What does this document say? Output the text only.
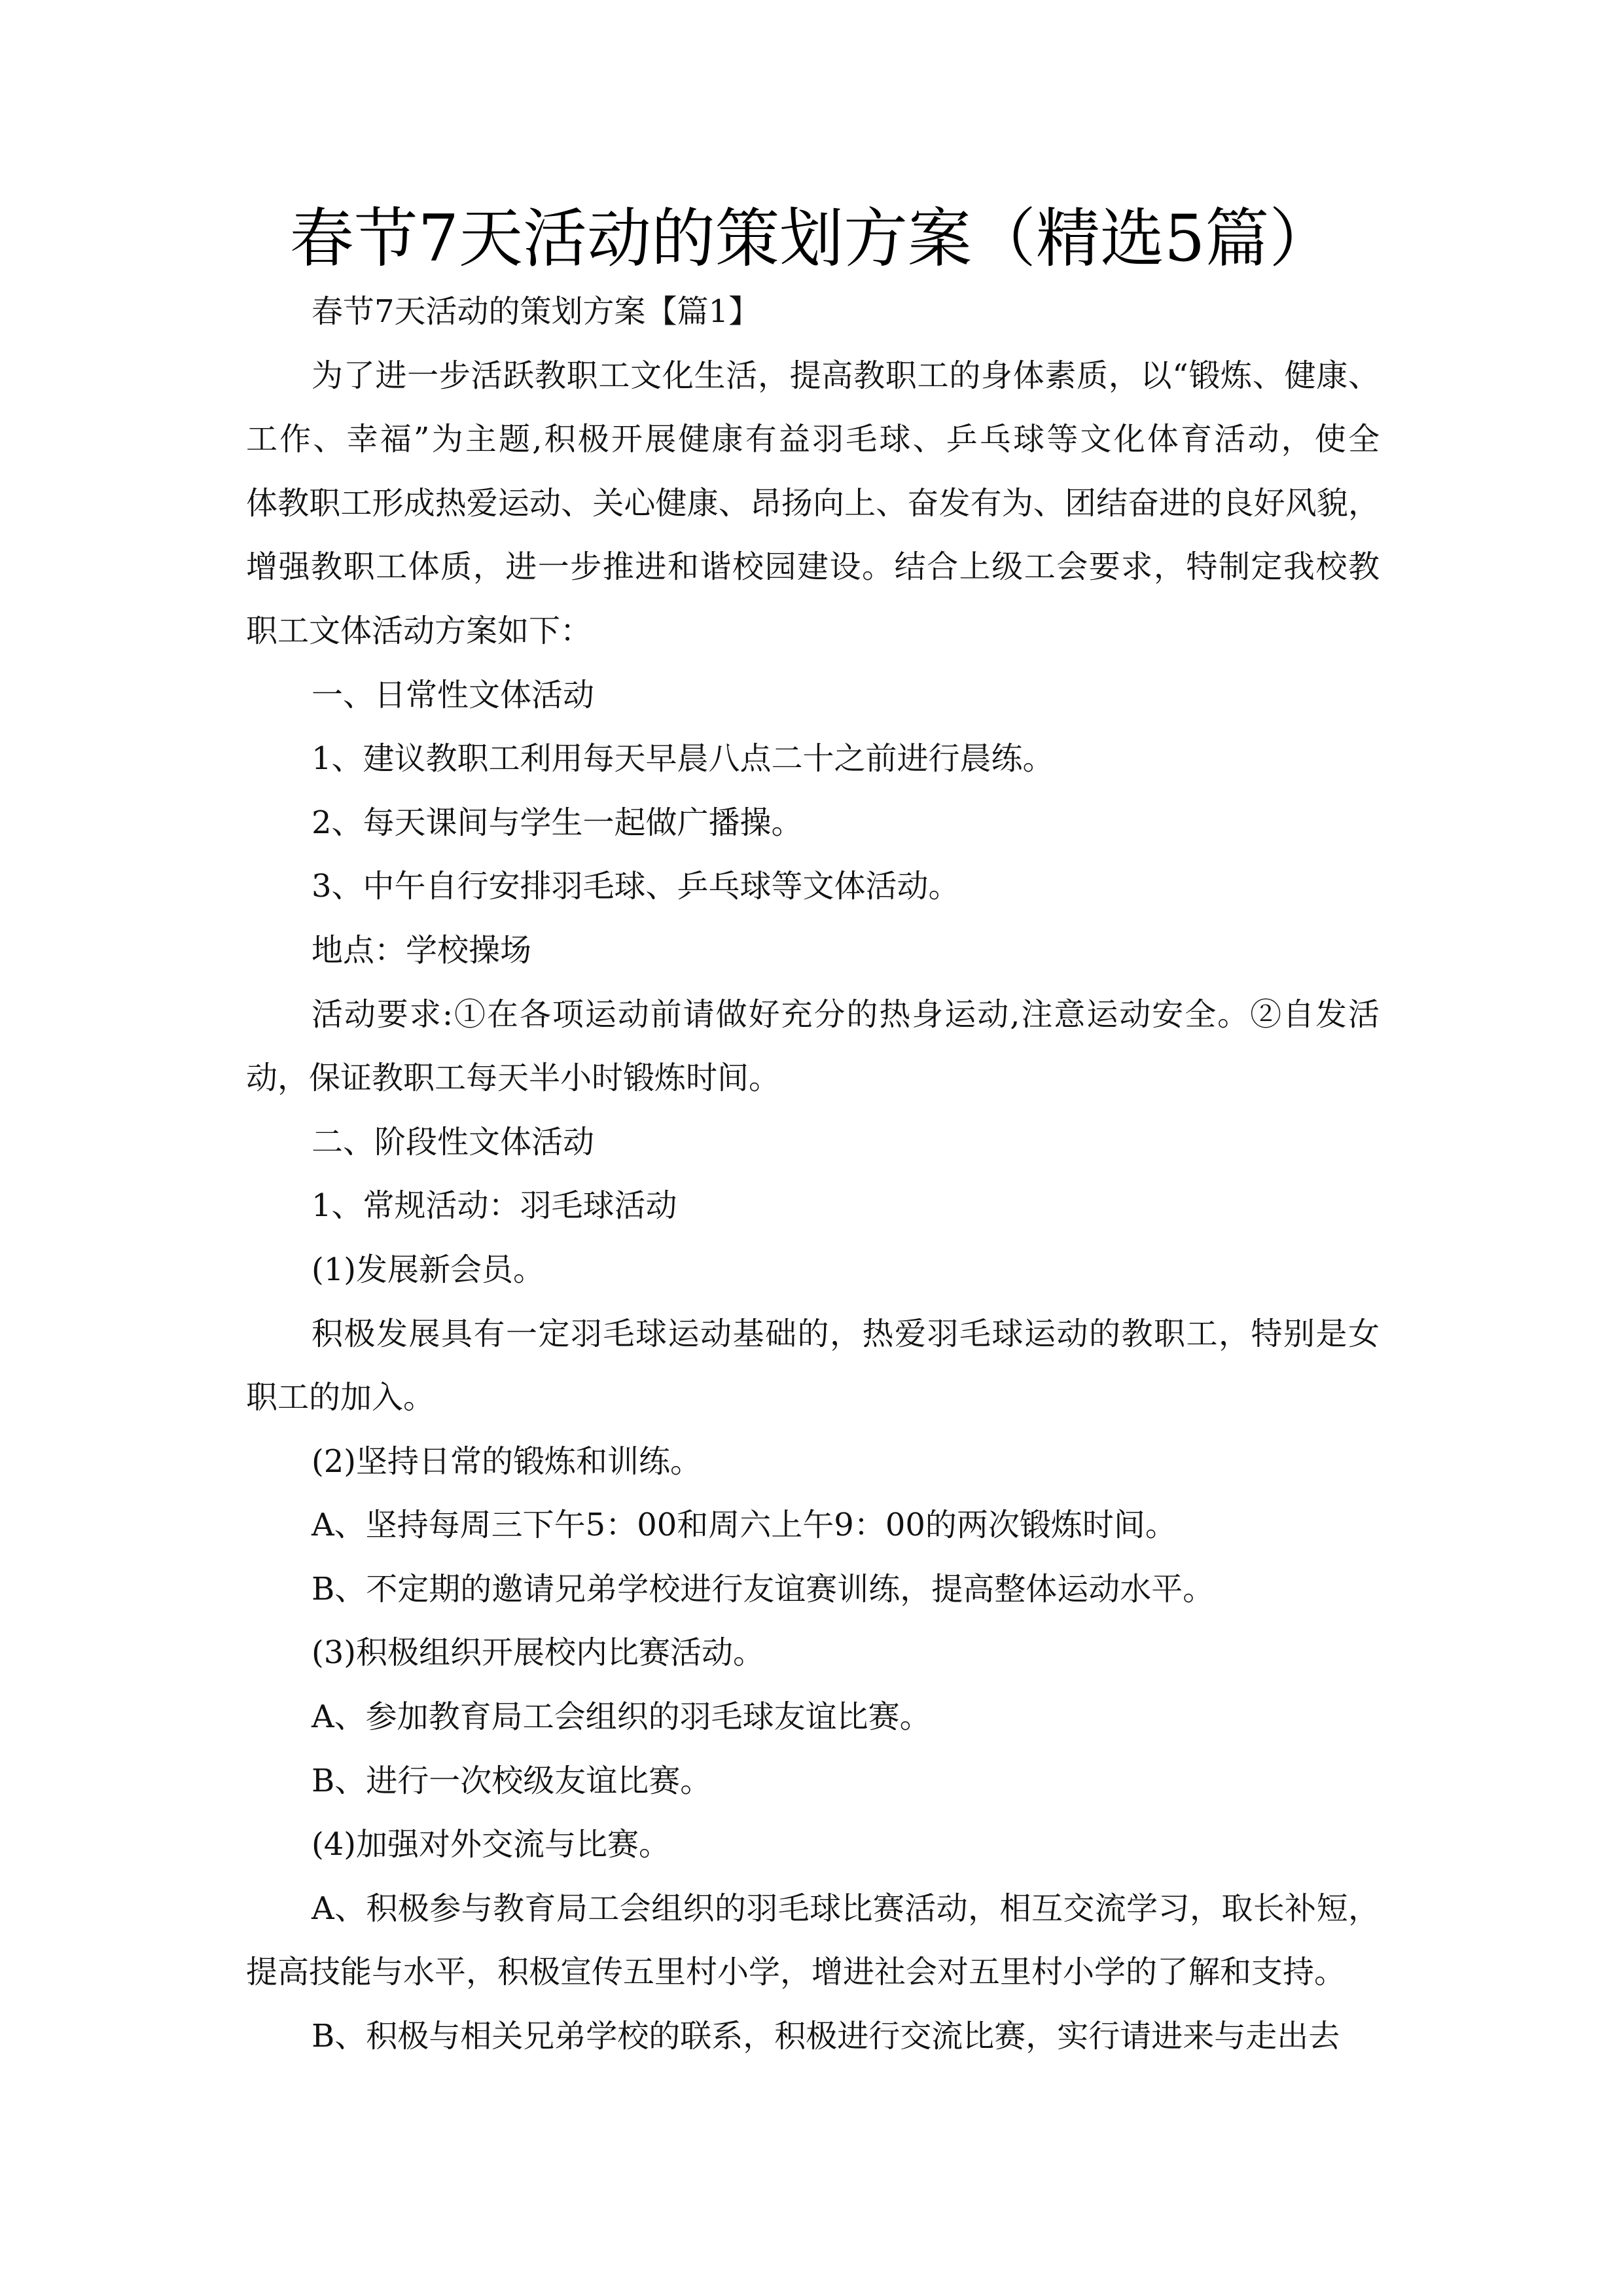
春节7天活动的策划方案（精选5篇）
春节7天活动的策划方案【篇1】
为了进一步活跃教职工文化生活，提高教职工的身体素质，以“锻炼、健康、
工作、幸福”为主题,积极开展健康有益羽毛球、乒乓球等文化体育活动，使全
体教职工形成热爱运动、关心健康、昂扬向上、奋发有为、团结奋进的良好风貌，
增强教职工体质，进一步推进和谐校园建设。结合上级工会要求，特制定我校教
职工文体活动方案如下：
一、日常性文体活动
1、建议教职工利用每天早晨八点二十之前进行晨练。
2、每天课间与学生一起做广播操。
3、中午自行安排羽毛球、乒乓球等文体活动。
地点：学校操场
活动要求:①在各项运动前请做好充分的热身运动,注意运动安全。②自发活
动，保证教职工每天半小时锻炼时间。
二、阶段性文体活动
1、常规活动：羽毛球活动
(1)发展新会员。
积极发展具有一定羽毛球运动基础的，热爱羽毛球运动的教职工，特别是女
职工的加入。
(2)坚持日常的锻炼和训练。
A、坚持每周三下午5：00和周六上午9：00的两次锻炼时间。
B、不定期的邀请兄弟学校进行友谊赛训练，提高整体运动水平。
(3)积极组织开展校内比赛活动。
A、参加教育局工会组织的羽毛球友谊比赛。
B、进行一次校级友谊比赛。
(4)加强对外交流与比赛。
A、积极参与教育局工会组织的羽毛球比赛活动，相互交流学习，取长补短，
提高技能与水平，积极宣传五里村小学，增进社会对五里村小学的了解和支持。
B、积极与相关兄弟学校的联系，积极进行交流比赛，实行请进来与走出去
